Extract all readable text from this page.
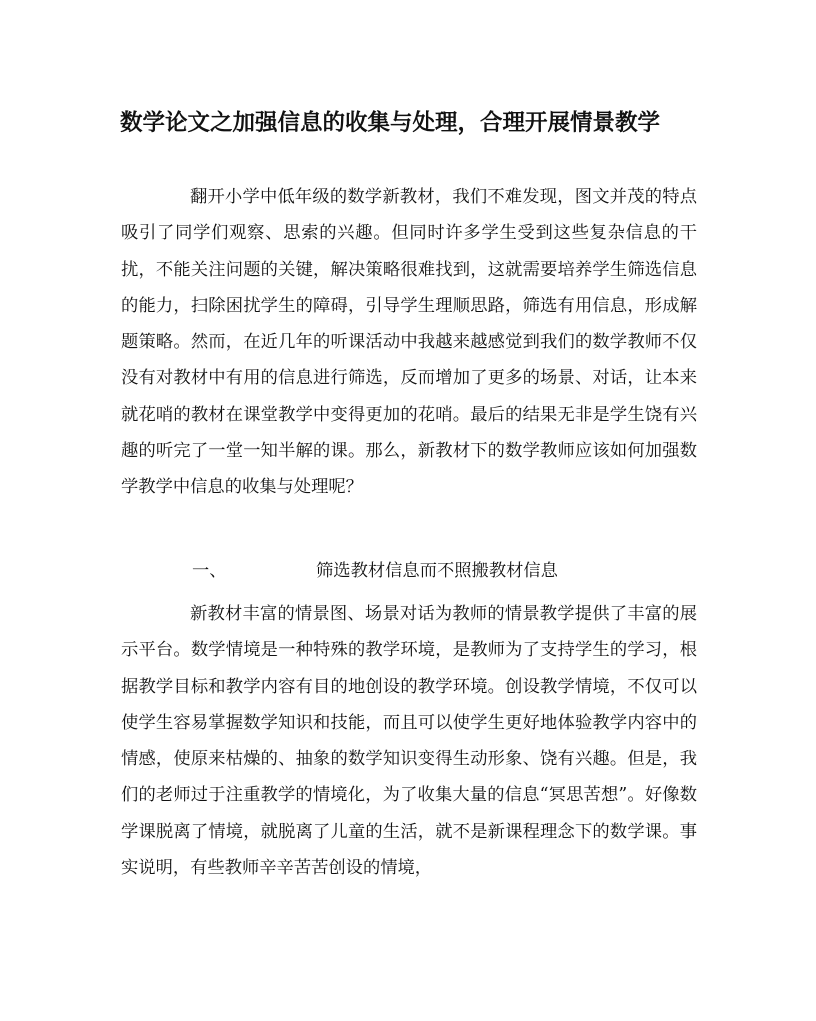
数学论文之加强信息的收集与处理，合理开展情景教学
翻开小学中低年级的数学新教材，我们不难发现，图文并茂的特点吸引了同学们观察、思索的兴趣。但同时许多学生受到这些复杂信息的干扰，不能关注问题的关键，解决策略很难找到，这就需要培养学生筛选信息的能力，扫除困扰学生的障碍，引导学生理顺思路，筛选有用信息，形成解题策略。然而，在近几年的听课活动中我越来越感觉到我们的数学教师不仅没有对教材中有用的信息进行筛选，反而增加了更多的场景、对话，让本来就花哨的教材在课堂教学中变得更加的花哨。最后的结果无非是学生饶有兴趣的听完了一堂一知半解的课。那么，新教材下的数学教师应该如何加强数学教学中信息的收集与处理呢？
一、	筛选教材信息而不照搬教材信息
新教材丰富的情景图、场景对话为教师的情景教学提供了丰富的展示平台。数学情境是一种特殊的教学环境，是教师为了支持学生的学习，根据教学目标和教学内容有目的地创设的教学环境。创设教学情境，不仅可以使学生容易掌握数学知识和技能，而且可以使学生更好地体验教学内容中的情感，使原来枯燥的、抽象的数学知识变得生动形象、饶有兴趣。但是，我们的老师过于注重教学的情境化，为了收集大量的信息“冥思苦想”。好像数学课脱离了情境，就脱离了儿童的生活，就不是新课程理念下的数学课。事实说明，有些教师辛辛苦苦创设的情境，
